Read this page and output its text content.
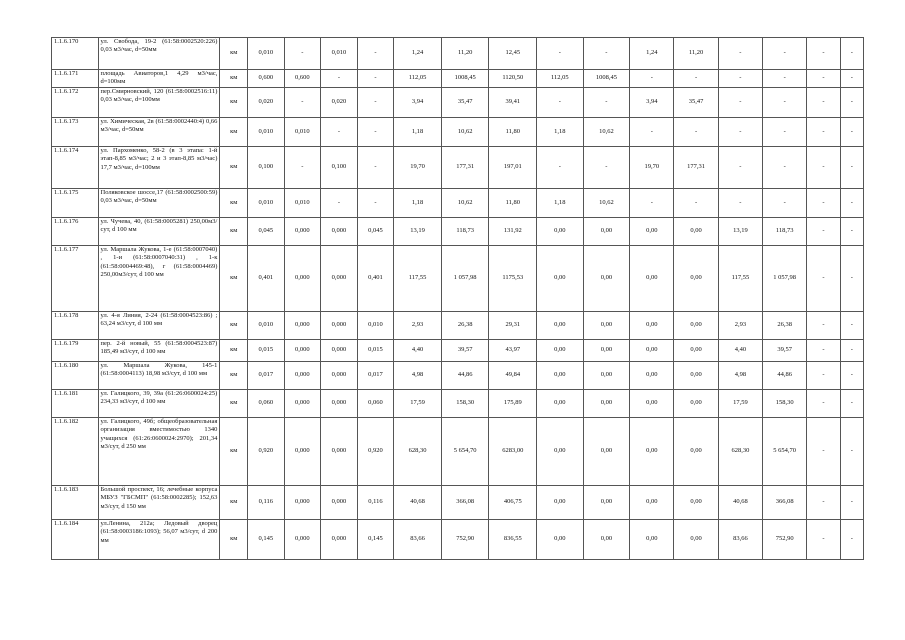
1.1.6.170	ул. Свобода, 19-2 (61:58:0002520:226) 0,03 м3/час, d=50мм	км	0,010	-	0,010	-	1,24	11,20	12,45	-	-	1,24	11,20	-	-	-	-
1.1.6.171	площадь Авиаторов,1 4,29 м3/час, d=100мм	км	0,600	0,600	-	-	112,05	1008,45	1120,50	112,05	1008,45	-	-	-	-	-	-
1.1.6.172	пер.Смирновский, 120 (61:58:0002516:11) 0,03 м3/час, d=100мм	км	0,020	-	0,020	-	3,94	35,47	39,41	-	-	3,94	35,47	-	-	-	-
1.1.6.173	ул. Химическая, 2в (61:58:0002440:4) 0,66 м3/час, d=50мм	км	0,010	0,010	-	-	1,18	10,62	11,80	1,18	10,62	-	-	-	-	-	-
1.1.6.174	ул. Пархоменко, 58-2 (в 3 этапа: 1-й этап-8,85 м3/час; 2 и 3 этап-8,85 м3/час) 17,7 м3/час, d=100мм	км	0,100	-	0,100	-	19,70	177,31	197,01	-	-	19,70	177,31	-	-	-	-
1.1.6.175	Поляковское шоссе,17 (61:58:0002500:59) 0,03 м3/час, d=50мм	км	0,010	0,010	-	-	1,18	10,62	11,80	1,18	10,62	-	-	-	-	-	-
1.1.6.176	ул. Чучева, 40, (61:58:0005281) 250,00м3/сут, d 100 мм	км	0,045	0,000	0,000	0,045	13,19	118,73	131,92	0,00	0,00	0,00	0,00	13,19	118,73	-	-
1.1.6.177	ул. Маршала Жукова, 1-е (61:58:0007040) , 1-и (61:58:0007040:31) , 1-к (61:58:0004469:48), г (61:58:0004469) 250,00м3/сут, d 100 мм	км	0,401	0,000	0,000	0,401	117,55	1 057,98	1175,53	0,00	0,00	0,00	0,00	117,55	1 057,98	-	-
1.1.6.178	ул. 4-я Линия, 2-24 (61:58:0004523:86) ; 63,24 м3/сут, d 100 мм	км	0,010	0,000	0,000	0,010	2,93	26,38	29,31	0,00	0,00	0,00	0,00	2,93	26,38	-	-
1.1.6.179	пер. 2-й новый, 55 (61:58:0004523:87) 185,49 м3/сут, d 100 мм	км	0,015	0,000	0,000	0,015	4,40	39,57	43,97	0,00	0,00	0,00	0,00	4,40	39,57	-	-
1.1.6.180	ул. Маршала Жукова, 145-1 (61:58:0004113) 18,98 м3/сут, d 100 мм	км	0,017	0,000	0,000	0,017	4,98	44,86	49,84	0,00	0,00	0,00	0,00	4,98	44,86	-	-
1.1.6.181	ул. Галицкого, 39, 39а (61:26:0600024:25) 234,33 м3/сут, d 100 мм	км	0,060	0,000	0,000	0,060	17,59	158,30	175,89	0,00	0,00	0,00	0,00	17,59	158,30	-	-
1.1.6.182	ул. Галицкого, 49б; общеобразовательная организация вместимостью 1340 учащихся (61:26:0600024:2970); 201,34 м3/сут, d 250 мм	км	0,920	0,000	0,000	0,920	628,30	5 654,70	6283,00	0,00	0,00	0,00	0,00	628,30	5 654,70	-	-
1.1.6.183	Большой проспект, 16; лечебные корпуса МБУЗ "ГБСМП" (61:58:0002285); 152,63 м3/сут, d 150 мм	км	0,116	0,000	0,000	0,116	40,68	366,08	406,75	0,00	0,00	0,00	0,00	40,68	366,08	-	-
1.1.6.184	ул.Ленина, 212а; Ледовый дворец (61:58:0003186:1093); 56,07 м3/сут, d 200 мм	км	0,145	0,000	0,000	0,145	83,66	752,90	836,55	0,00	0,00	0,00	0,00	83,66	752,90	-	-
